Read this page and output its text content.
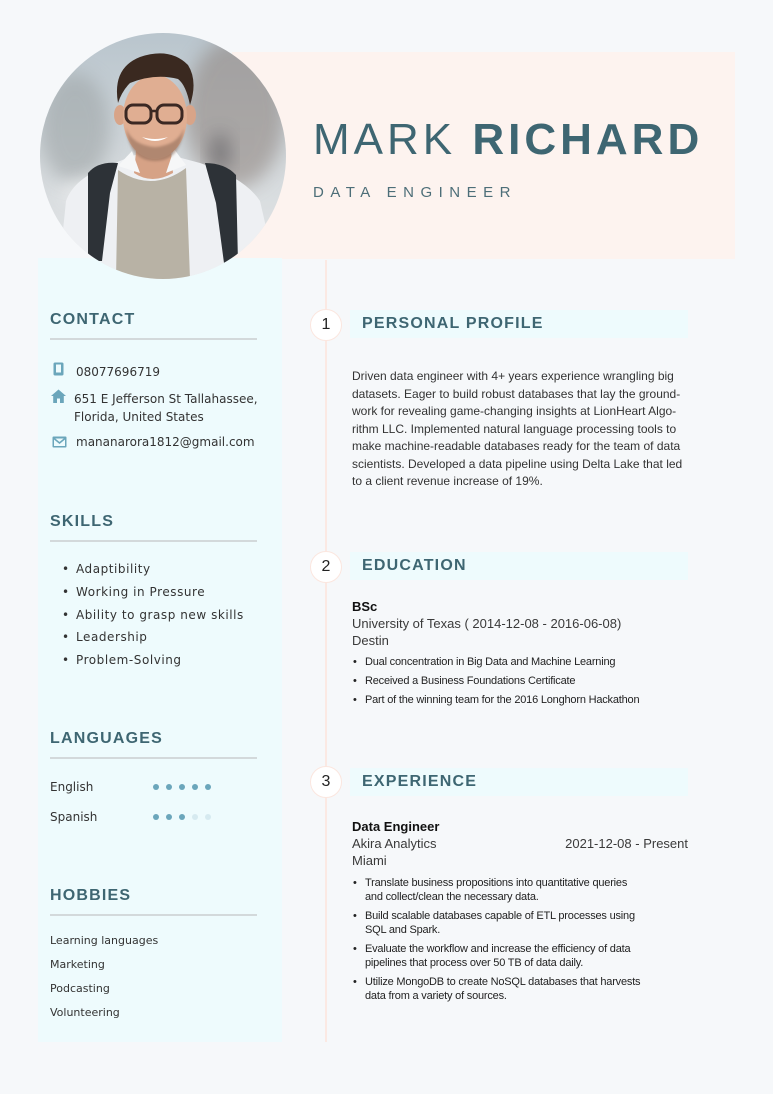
MARK RICHARD
DATA ENGINEER
CONTACT
08077696719
651 E Jefferson St Tallahassee,
Florida, United States
mananarora1812@gmail.com
SKILLS
• Adaptibility
• Working in Pressure
• Ability to grasp new skills
• Leadership
• Problem-Solving
LANGUAGES
English
Spanish
HOBBIES
Learning languages
Marketing
Podcasting
Volunteering
1	PERSONAL PROFILE
Driven data engineer with 4+ years experience wrangling big
datasets. Eager to build robust databases that lay the ground-
work for revealing game-changing insights at LionHeart Algo-
rithm LLC. Implemented natural language processing tools to
make machine-readable databases ready for the team of data
scientists. Developed a data pipeline using Delta Lake that led
to a client revenue increase of 19%.
2	EDUCATION
BSc
University of Texas ( 2014-12-08 - 2016-06-08)
Destin
• Dual concentration in Big Data and Machine Learning
• Received a Business Foundations Certificate
• Part of the winning team for the 2016 Longhorn Hackathon
3	EXPERIENCE
Data Engineer
Akira Analytics	2021-12-08 - Present
Miami
• Translate business propositions into quantitative queries
and collect/clean the necessary data.
• Build scalable databases capable of ETL processes using
SQL and Spark.
• Evaluate the workflow and increase the efficiency of data
pipelines that process over 50 TB of data daily.
• Utilize MongoDB to create NoSQL databases that harvests
data from a variety of sources.
